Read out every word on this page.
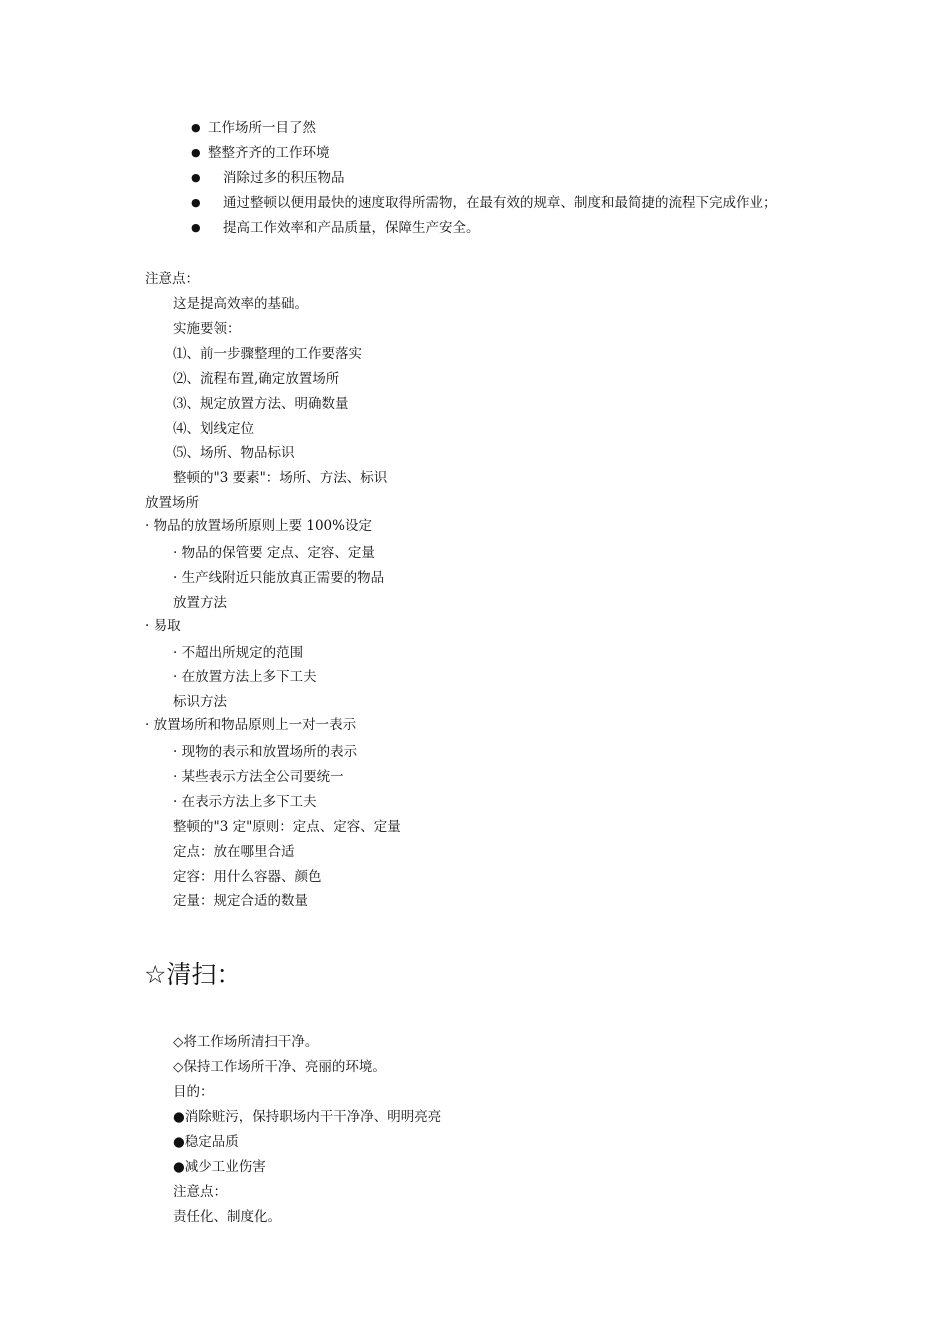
● 工作场所一目了然
● 整整齐齐的工作环境
● 消除过多的积压物品
● 通过整顿以便用最快的速度取得所需物，在最有效的规章、制度和最简捷的流程下完成作业；
● 提高工作效率和产品质量，保障生产安全。
注意点：
这是提高效率的基础。
实施要领：
⑴、前一步骤整理的工作要落实
⑵、流程布置,确定放置场所
⑶、规定放置方法、明确数量
⑷、划线定位
⑸、场所、物品标识
整顿的"3 要素"：场所、方法、标识
放置场所
· 物品的放置场所原则上要 100%设定
· 物品的保管要 定点、定容、定量
· 生产线附近只能放真正需要的物品
放置方法
· 易取
· 不超出所规定的范围
· 在放置方法上多下工夫
标识方法
· 放置场所和物品原则上一对一表示
· 现物的表示和放置场所的表示
· 某些表示方法全公司要统一
· 在表示方法上多下工夫
整顿的"3 定"原则：定点、定容、定量
定点：放在哪里合适
定容：用什么容器、颜色
定量：规定合适的数量
☆清扫：
◇将工作场所清扫干净。
◇保持工作场所干净、亮丽的环境。
目的：
●消除赃污，保持职场内干干净净、明明亮亮
●稳定品质
●减少工业伤害
注意点：
责任化、制度化。
